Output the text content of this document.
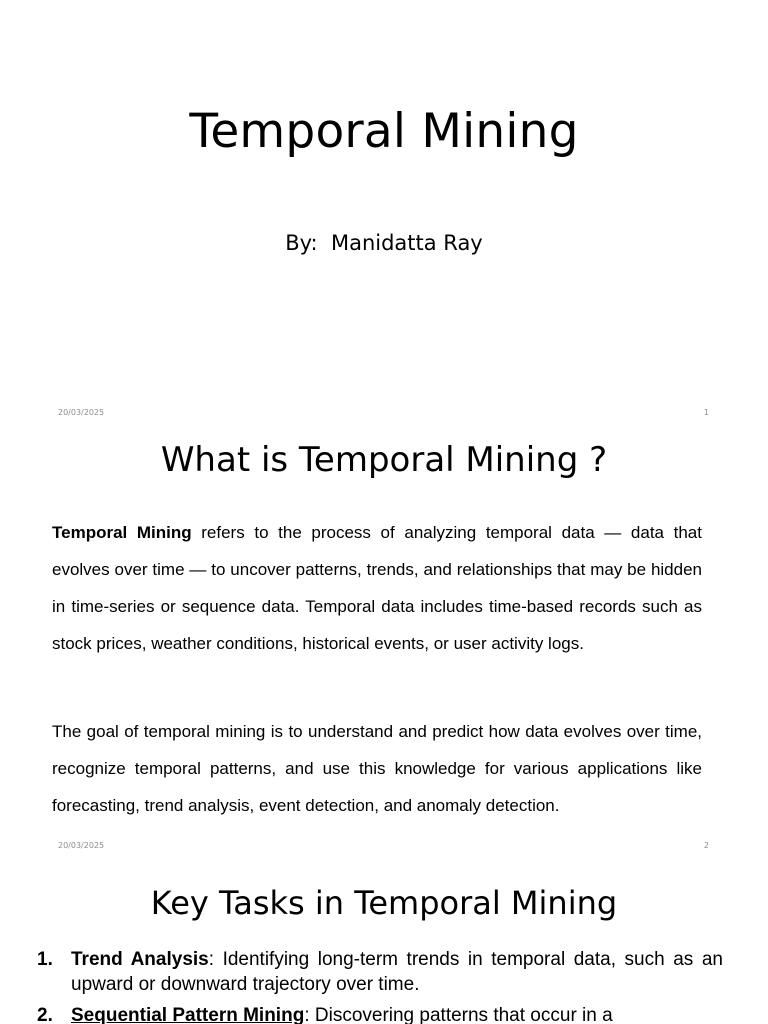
Temporal Mining
By:  Manidatta Ray
20/03/2025	1
What is Temporal Mining ?

Temporal Mining refers to the process of analyzing temporal data — data that evolves over time — to uncover patterns, trends, and relationships that may be hidden in time-series or sequence data. Temporal data includes time-based records such as stock prices, weather conditions, historical events, or user activity logs.

The goal of temporal mining is to understand and predict how data evolves over time, recognize temporal patterns, and use this knowledge for various applications like forecasting, trend analysis, event detection, and anomaly detection.

20/03/2025	2
Key Tasks in Temporal Mining
1. Trend Analysis: Identifying long-term trends in temporal data, such as an upward or downward trajectory over time.
2. Sequential Pattern Mining: Discovering patterns that occur in a
